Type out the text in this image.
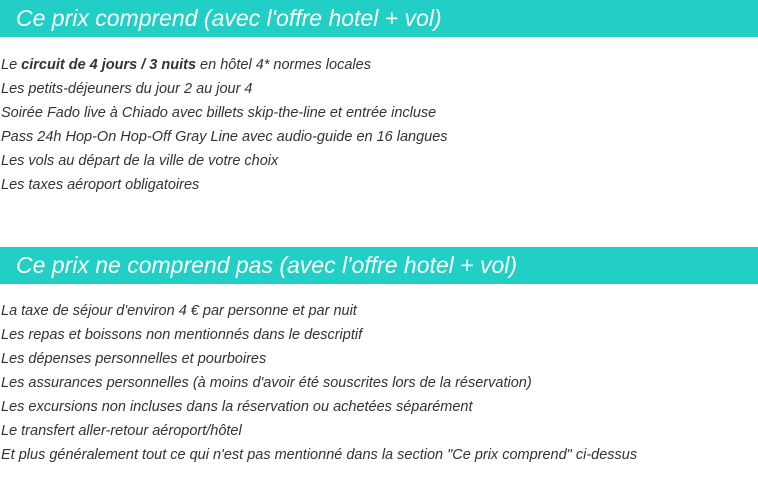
Ce prix comprend (avec l'offre hotel + vol)
Le circuit de 4 jours / 3 nuits en hôtel 4* normes locales
Les petits-déjeuners du jour 2 au jour 4
Soirée Fado live à Chiado avec billets skip-the-line et entrée incluse
Pass 24h Hop-On Hop-Off Gray Line avec audio-guide en 16 langues
Les vols au départ de la ville de votre choix
Les taxes aéroport obligatoires
Ce prix ne comprend pas (avec l'offre hotel + vol)
La taxe de séjour d'environ 4 € par personne et par nuit
Les repas et boissons non mentionnés dans le descriptif
Les dépenses personnelles et pourboires
Les assurances personnelles (à moins d'avoir été souscrites lors de la réservation)
Les excursions non incluses dans la réservation ou achetées séparément
Le transfert aller-retour aéroport/hôtel
Et plus généralement tout ce qui n'est pas mentionné dans la section "Ce prix comprend" ci-dessus
